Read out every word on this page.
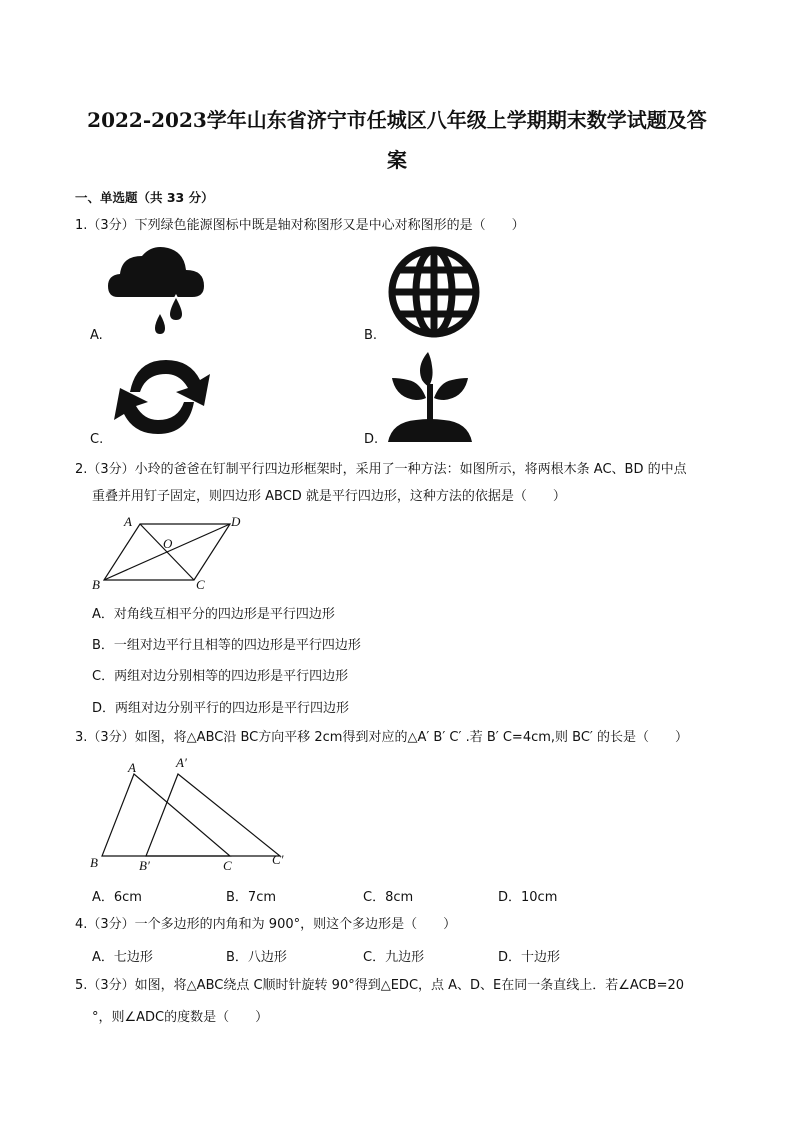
2022-2023学年山东省济宁市任城区八年级上学期期末数学试题及答
案
一、单选题（共 33 分）
1.（3分）下列绿色能源图标中既是轴对称图形又是中心对称图形的是（　　）
A.	B.
C.	D.
2.（3分）小玲的爸爸在钉制平行四边形框架时，采用了一种方法：如图所示，将两根木条 AC、BD 的中点
重叠并用钉子固定，则四边形 ABCD 就是平行四边形，这种方法的依据是（　　）
A	D
O
B	C
A．对角线互相平分的四边形是平行四边形
B．一组对边平行且相等的四边形是平行四边形
C．两组对边分别相等的四边形是平行四边形
D．两组对边分别平行的四边形是平行四边形
3.（3分）如图，将△ABC沿 BC方向平移 2cm得到对应的△A′ B′ C′ .若 B′ C=4cm,则 BC′ 的长是（　　）
A	A′
B	B′	C	C′
A．6cm	B．7cm	C．8cm	D．10cm
4.（3分）一个多边形的内角和为 900°，则这个多边形是（　　）
A．七边形	B．八边形	C．九边形	D．十边形
5.（3分）如图，将△ABC绕点 C顺时针旋转 90°得到△EDC，点 A、D、E在同一条直线上．若∠ACB=20
°，则∠ADC的度数是（　　）
